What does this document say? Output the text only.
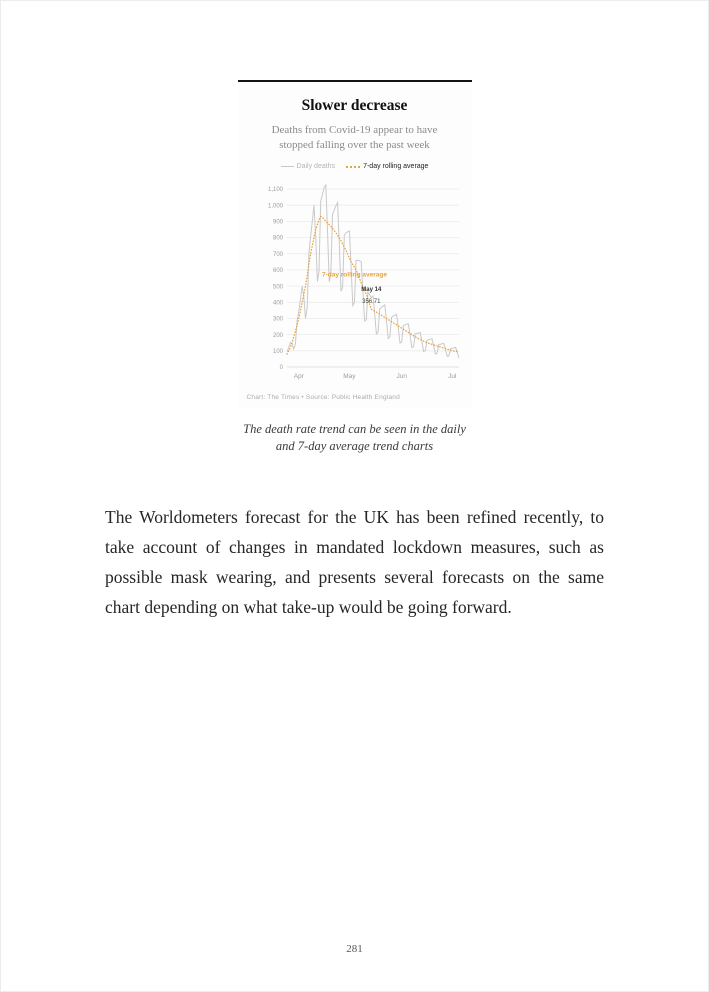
Slower decrease

Deaths from Covid-19 appear to have stopped falling over the past week

Daily deaths	7-day rolling average
0
100
200
300
400
500
600
700
800
900
1,000
1,100
Apr	May	Jun	Jul
7-day rolling average
May 14
356.71
Chart: The Times • Source: Public Health England
The death rate trend can be seen in the daily and 7-day average trend charts

The Worldometers forecast for the UK has been refined recently, to take account of changes in mandated lockdown measures, such as possible mask wearing, and presents several forecasts on the same chart depending on what take-up would be going forward.

281
